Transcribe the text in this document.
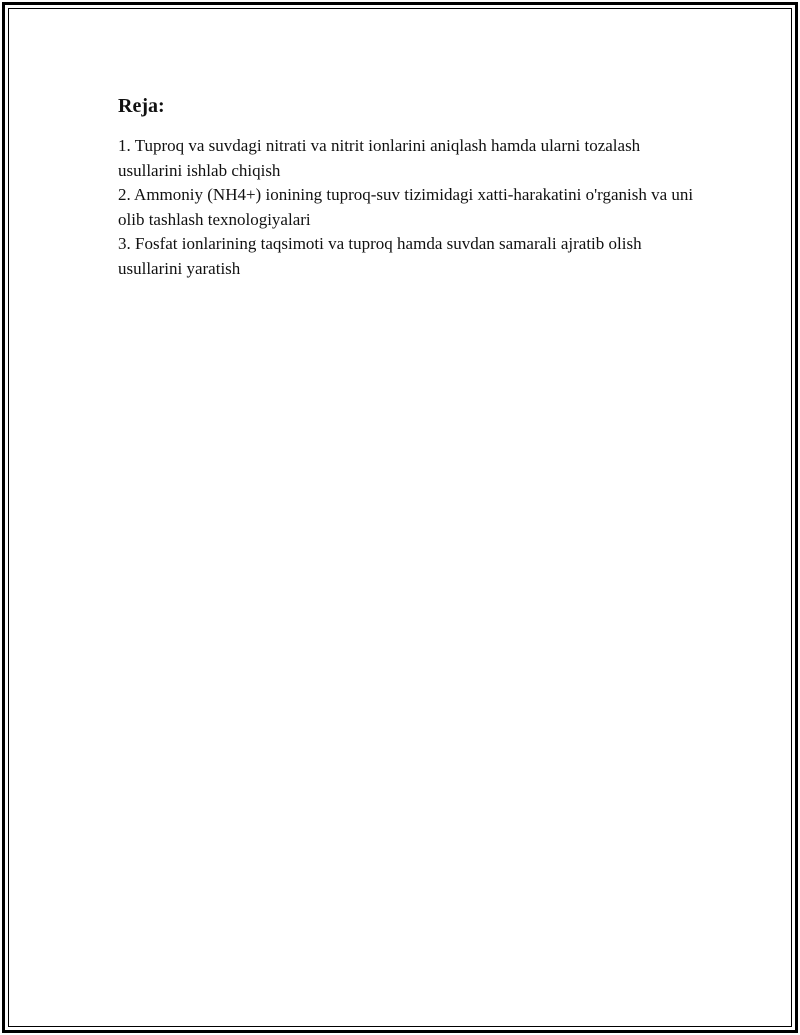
Reja:
1. Tuproq va suvdagi nitrati va nitrit ionlarini aniqlash hamda ularni tozalash usullarini ishlab chiqish
2. Ammoniy (NH4+) ionining tuproq-suv tizimidagi xatti-harakatini o'rganish va uni olib tashlash texnologiyalari
3. Fosfat ionlarining taqsimoti va tuproq hamda suvdan samarali ajratib olish usullarini yaratish
